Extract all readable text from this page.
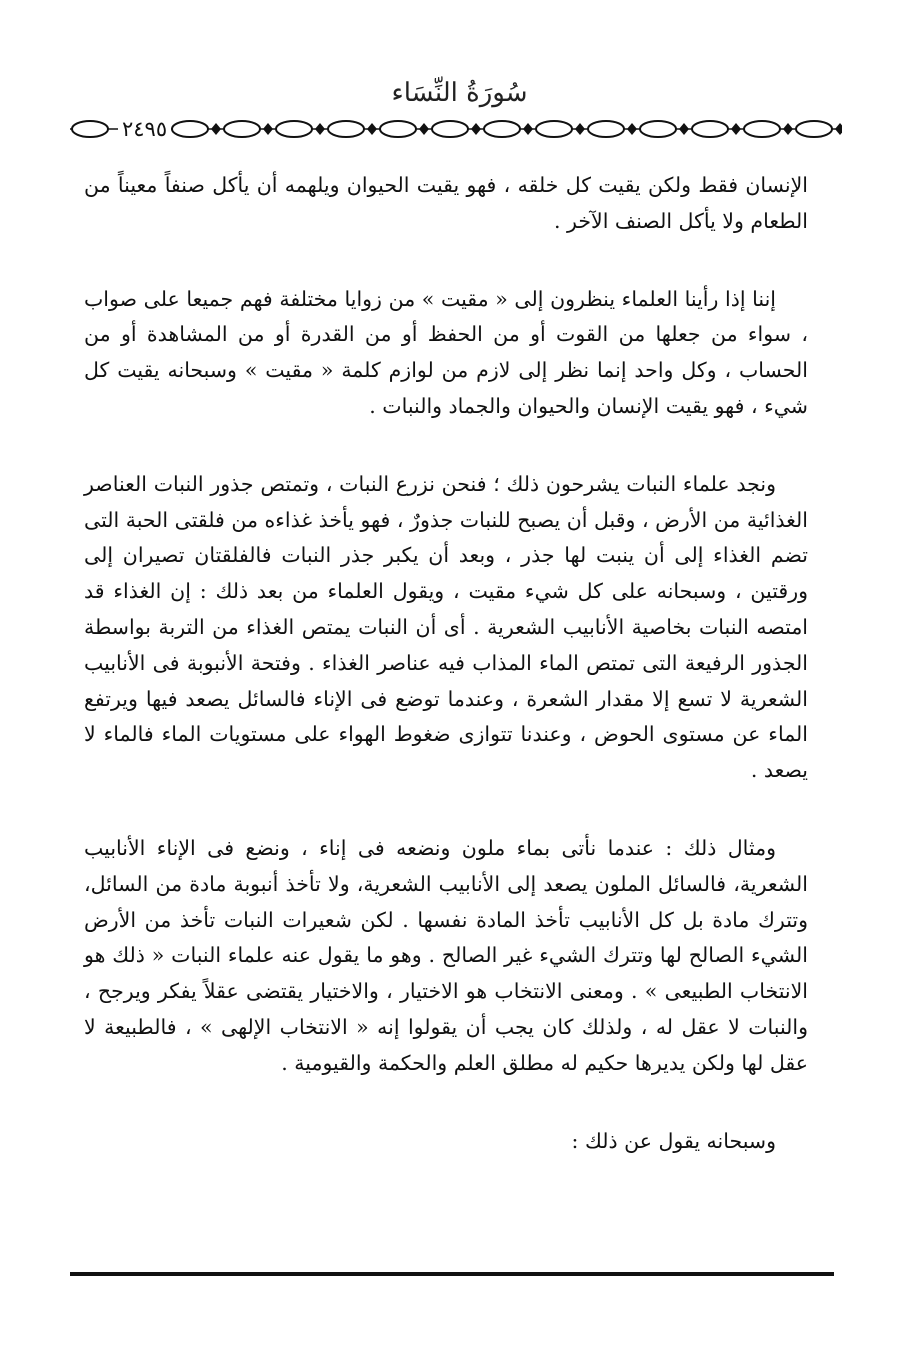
سُورَةُ النِّسَاء
٢٤٩٥

الإنسان فقط ولكن يقيت كل خلقه ، فهو يقيت الحيوان ويلهمه أن يأكل صنفاً معيناً من الطعام ولا يأكل الصنف الآخر .

إننا إذا رأينا العلماء ينظرون إلى « مقيت » من زوايا مختلفة فهم جميعا على صواب ، سواء من جعلها من القوت أو من الحفظ أو من القدرة أو من المشاهدة أو من الحساب ، وكل واحد إنما نظر إلى لازم من لوازم كلمة « مقيت » وسبحانه يقيت كل شيء ، فهو يقيت الإنسان والحيوان والجماد والنبات .

ونجد علماء النبات يشرحون ذلك ؛ فنحن نزرع النبات ، وتمتص جذور النبات العناصر الغذائية من الأرض ، وقبل أن يصبح للنبات جذورٌ ، فهو يأخذ غذاءه من فلقتى الحبة التى تضم الغذاء إلى أن ينبت لها جذر ، وبعد أن يكبر جذر النبات فالفلقتان تصيران إلى ورقتين ، وسبحانه على كل شيء مقيت ، ويقول العلماء من بعد ذلك : إن الغذاء قد امتصه النبات بخاصية الأنابيب الشعرية . أى أن النبات يمتص الغذاء من التربة بواسطة الجذور الرفيعة التى تمتص الماء المذاب فيه عناصر الغذاء . وفتحة الأنبوبة فى الأنابيب الشعرية لا تسع إلا مقدار الشعرة ، وعندما توضع فى الإناء فالسائل يصعد فيها ويرتفع الماء عن مستوى الحوض ، وعندنا تتوازى ضغوط الهواء على مستويات الماء فالماء لا يصعد .

ومثال ذلك : عندما نأتى بماء ملون ونضعه فى إناء ، ونضع فى الإناء الأنابيب الشعرية، فالسائل الملون يصعد إلى الأنابيب الشعرية، ولا تأخذ أنبوبة مادة من السائل، وتترك مادة بل كل الأنابيب تأخذ المادة نفسها . لكن شعيرات النبات تأخذ من الأرض الشيء الصالح لها وتترك الشيء غير الصالح . وهو ما يقول عنه علماء النبات « ذلك هو الانتخاب الطبيعى » . ومعنى الانتخاب هو الاختيار ، والاختيار يقتضى عقلاً يفكر ويرجح ، والنبات لا عقل له ، ولذلك كان يجب أن يقولوا إنه « الانتخاب الإلهى » ، فالطبيعة لا عقل لها ولكن يديرها حكيم له مطلق العلم والحكمة والقيومية .

وسبحانه يقول عن ذلك :
